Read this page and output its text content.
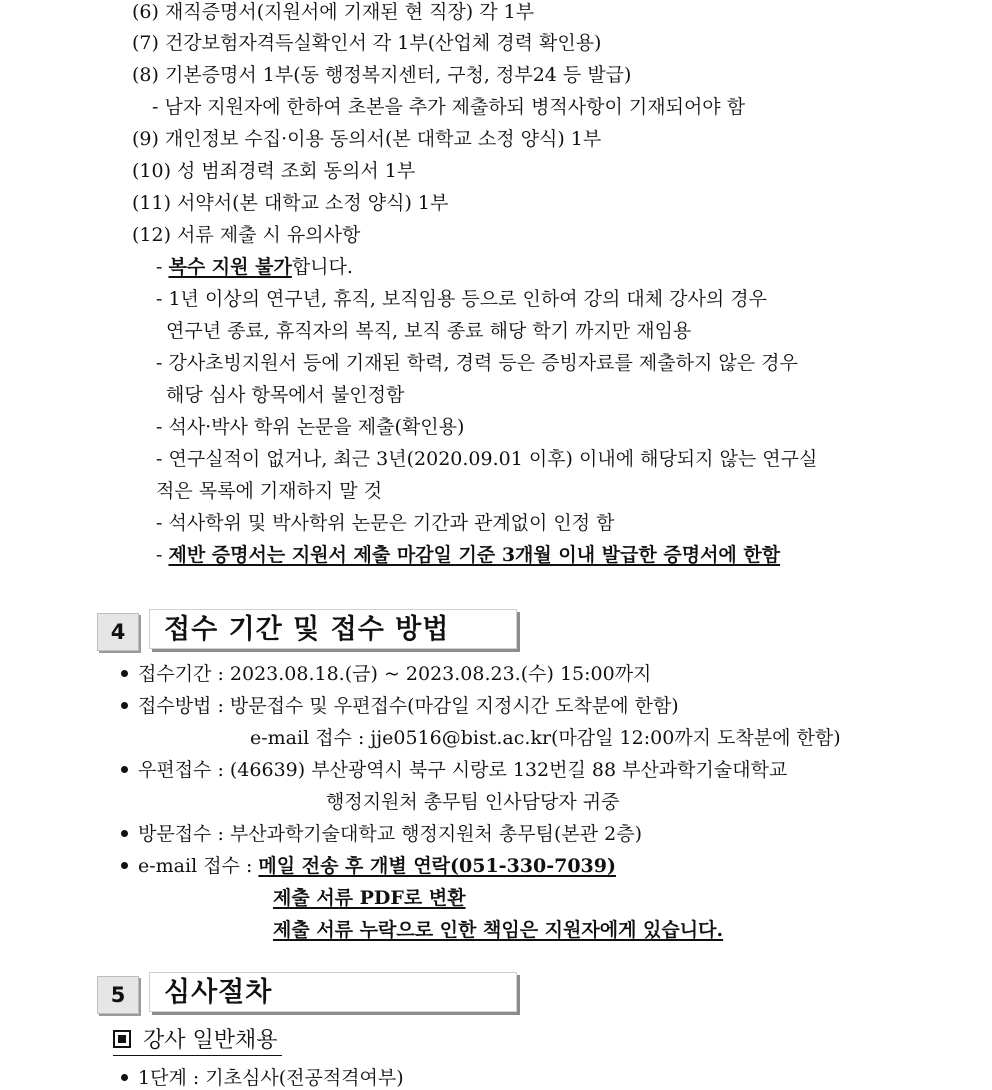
(6) 재직증명서(지원서에 기재된 현 직장) 각 1부
(7) 건강보험자격득실확인서 각 1부(산업체 경력 확인용)
(8) 기본증명서 1부(동 행정복지센터, 구청, 정부24 등 발급)
- 남자 지원자에 한하여 초본을 추가 제출하되 병적사항이 기재되어야 함
(9) 개인정보 수집·이용 동의서(본 대학교 소정 양식) 1부
(10) 성 범죄경력 조회 동의서 1부
(11) 서약서(본 대학교 소정 양식) 1부
(12) 서류 제출 시 유의사항
- 복수 지원 불가합니다.
- 1년 이상의 연구년, 휴직, 보직임용 등으로 인하여 강의 대체 강사의 경우
연구년 종료, 휴직자의 복직, 보직 종료 해당 학기 까지만 재임용
- 강사초빙지원서 등에 기재된 학력, 경력 등은 증빙자료를 제출하지 않은 경우
해당 심사 항목에서 불인정함
- 석사·박사 학위 논문을 제출(확인용)
- 연구실적이 없거나, 최근 3년(2020.09.01 이후) 이내에 해당되지 않는 연구실
적은 목록에 기재하지 말 것
- 석사학위 및 박사학위 논문은 기간과 관계없이 인정 함
- 제반 증명서는 지원서 제출 마감일 기준 3개월 이내 발급한 증명서에 한함
4	접수 기간 및 접수 방법
접수기간 : 2023.08.18.(금) ~ 2023.08.23.(수) 15:00까지
접수방법 : 방문접수 및 우편접수(마감일 지정시간 도착분에 한함)
e-mail 접수 : jje0516@bist.ac.kr(마감일 12:00까지 도착분에 한함)
우편접수 : (46639) 부산광역시 북구 시랑로 132번길 88 부산과학기술대학교
행정지원처 총무팀 인사담당자 귀중
방문접수 : 부산과학기술대학교 행정지원처 총무팀(본관 2층)
e-mail 접수 : 메일 전송 후 개별 연락(051-330-7039)
제출 서류 PDF로 변환
제출 서류 누락으로 인한 책임은 지원자에게 있습니다.
5	심사절차
강사 일반채용
1단계 : 기초심사(전공적격여부)
